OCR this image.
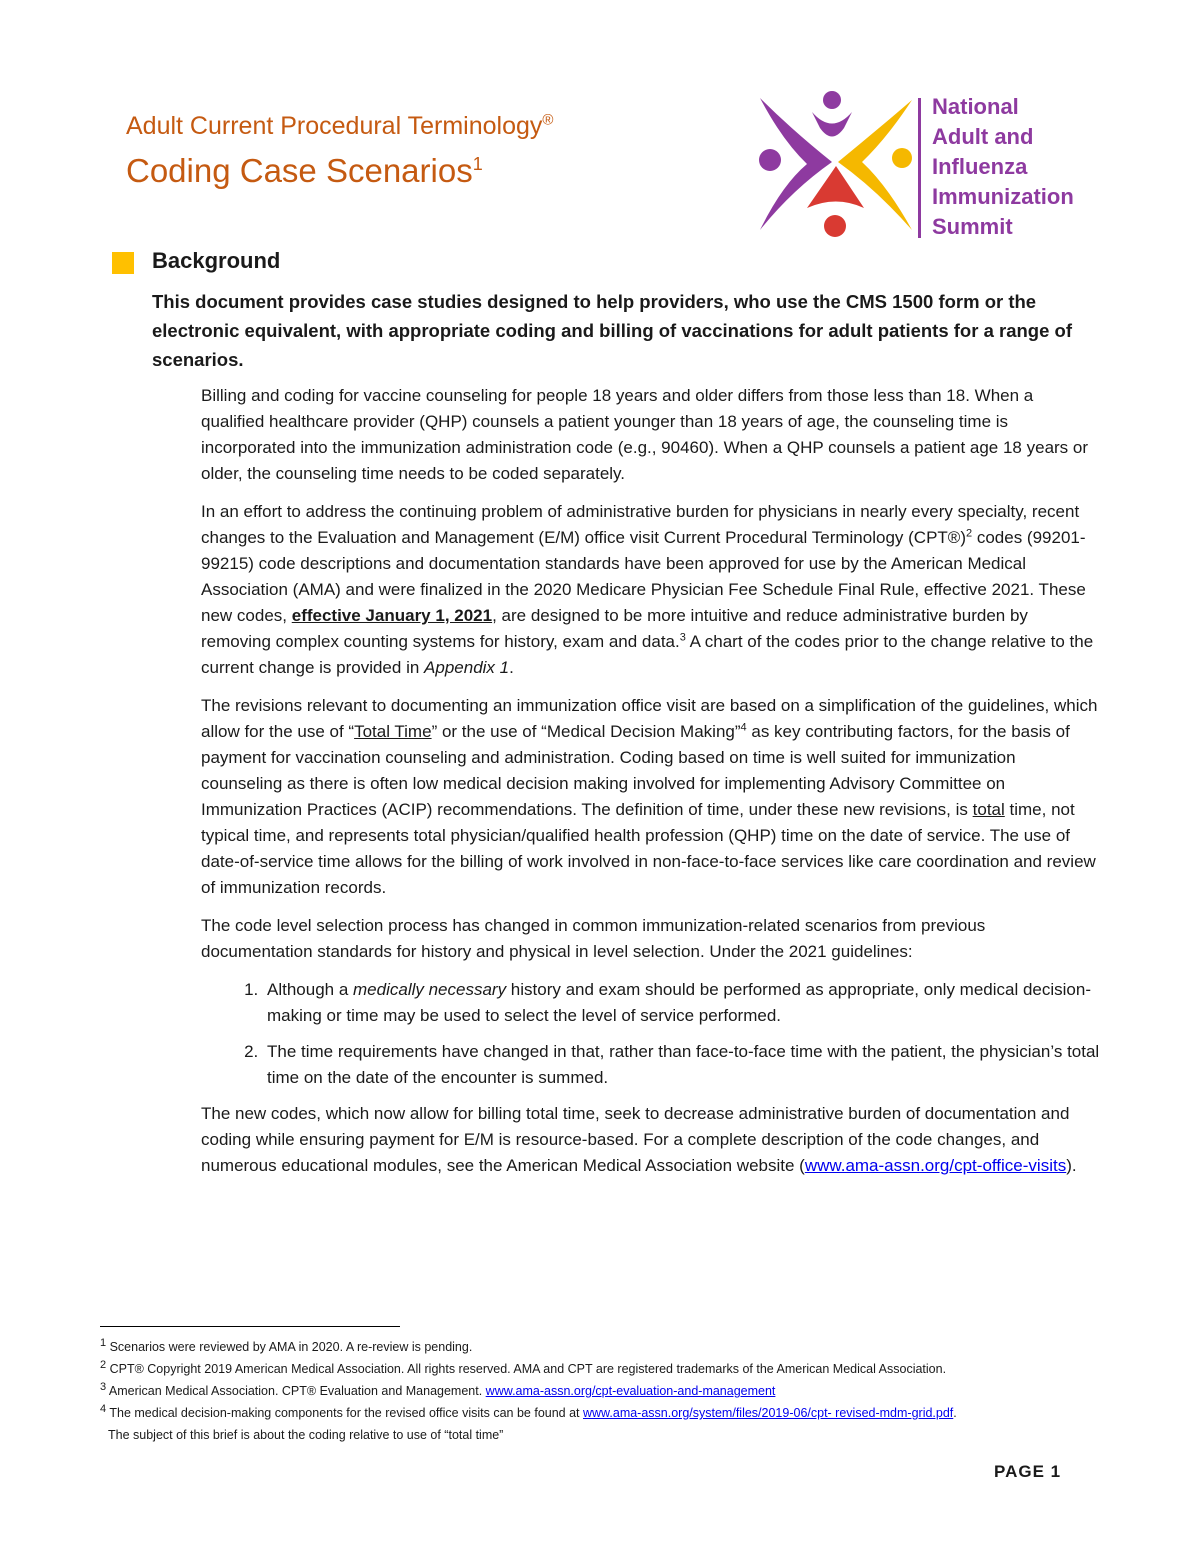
Adult Current Procedural Terminology®
Coding Case Scenarios$^1$
National
Adult and
Influenza
Immunization
Summit
Background
This document provides case studies designed to help providers, who use the CMS 1500 form or the electronic equivalent, with appropriate coding and billing of vaccinations for adult patients for a range of scenarios.

Billing and coding for vaccine counseling for people 18 years and older differs from those less than 18. When a qualified healthcare provider (QHP) counsels a patient younger than 18 years of age, the counseling time is incorporated into the immunization administration code (e.g., 90460). When a QHP counsels a patient age 18 years or older, the counseling time needs to be coded separately.

In an effort to address the continuing problem of administrative burden for physicians in nearly every specialty, recent changes to the Evaluation and Management (E/M) office visit Current Procedural Terminology (CPT®)$^2$ codes (99201-99215) code descriptions and documentation standards have been approved for use by the American Medical Association (AMA) and were finalized in the 2020 Medicare Physician Fee Schedule Final Rule, effective 2021. These new codes, effective January 1, 2021, are designed to be more intuitive and reduce administrative burden by removing complex counting systems for history, exam and data.$^3$ A chart of the codes prior to the change relative to the current change is provided in Appendix 1.

The revisions relevant to documenting an immunization office visit are based on a simplification of the guidelines, which allow for the use of “Total Time” or the use of “Medical Decision Making”$^4$ as key contributing factors, for the basis of payment for vaccination counseling and administration. Coding based on time is well suited for immunization counseling as there is often low medical decision making involved for implementing Advisory Committee on Immunization Practices (ACIP) recommendations. The definition of time, under these new revisions, is total time, not typical time, and represents total physician/qualified health profession (QHP) time on the date of service. The use of date-of-service time allows for the billing of work involved in non-face-to-face services like care coordination and review of immunization records.

The code level selection process has changed in common immunization-related scenarios from previous documentation standards for history and physical in level selection. Under the 2021 guidelines:

1. Although a medically necessary history and exam should be performed as appropriate, only medical decision-making or time may be used to select the level of service performed.
2. The time requirements have changed in that, rather than face-to-face time with the patient, the physician’s total time on the date of the encounter is summed.

The new codes, which now allow for billing total time, seek to decrease administrative burden of documentation and coding while ensuring payment for E/M is resource-based. For a complete description of the code changes, and numerous educational modules, see the American Medical Association website (www.ama-assn.org/cpt-office-visits).

$^1$ Scenarios were reviewed by AMA in 2020. A re-review is pending.
$^2$ CPT® Copyright 2019 American Medical Association. All rights reserved. AMA and CPT are registered trademarks of the American Medical Association.
$^3$ American Medical Association. CPT® Evaluation and Management. www.ama-assn.org/cpt-evaluation-and-management
$^4$ The medical decision-making components for the revised office visits can be found at www.ama-assn.org/system/files/2019-06/cpt- revised-mdm-grid.pdf.
The subject of this brief is about the coding relative to use of “total time”
PAGE 1
